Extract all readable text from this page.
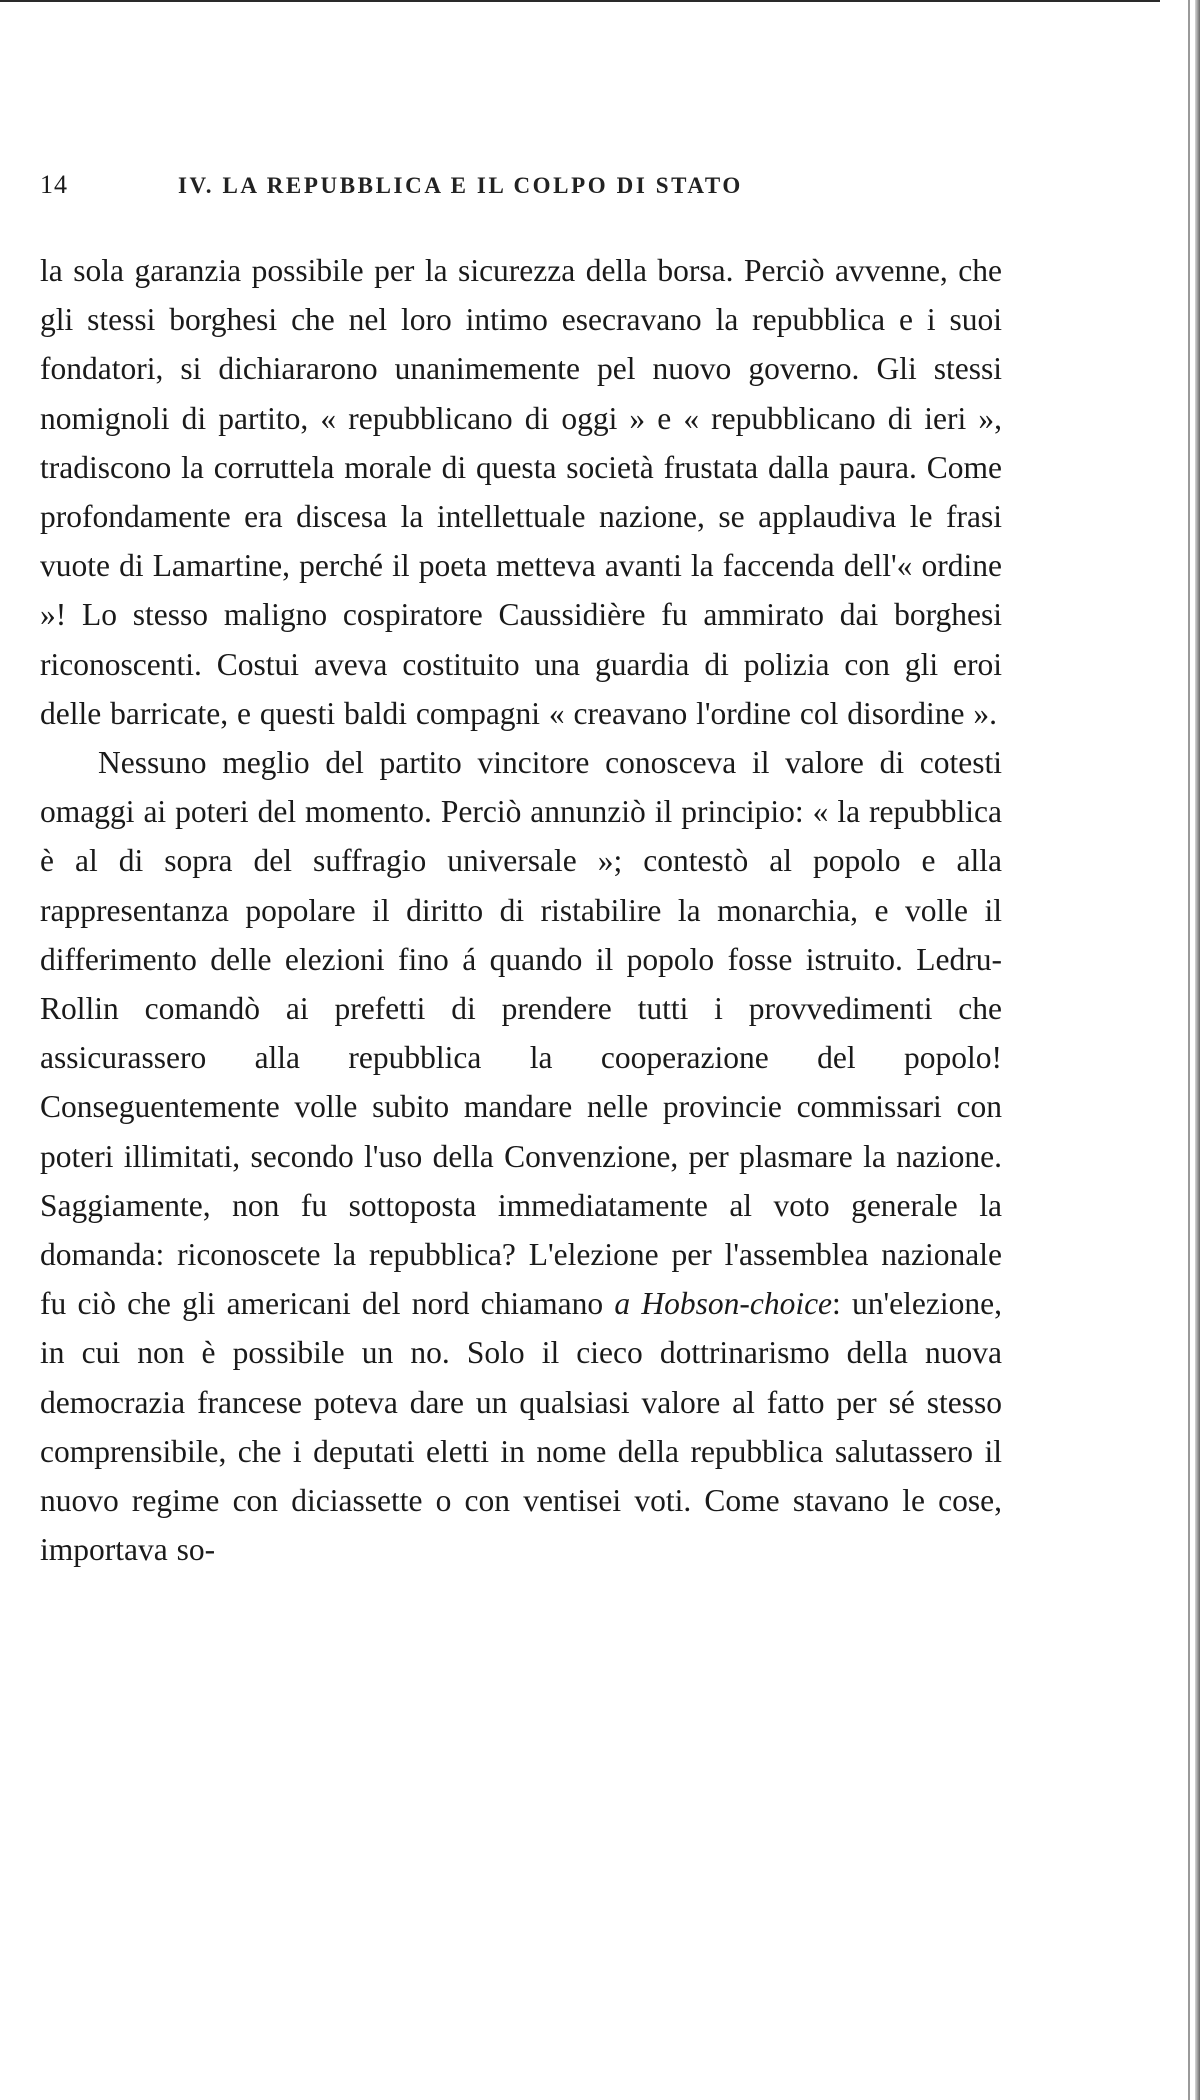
14	IV. LA REPUBBLICA E IL COLPO DI STATO

la sola garanzia possibile per la sicurezza della borsa. Perciò avvenne, che gli stessi borghesi che nel loro intimo esecravano la repubblica e i suoi fondatori, si dichiararono unanimemente pel nuovo governo. Gli stessi nomignoli di partito, « repubblicano di oggi » e « repubblicano di ieri », tradiscono la corruttela morale di questa società frustata dalla paura. Come profondamente era discesa la intellettuale nazione, se applaudiva le frasi vuote di Lamartine, perché il poeta metteva avanti la faccenda dell'« ordine »! Lo stesso maligno cospiratore Caussidière fu ammirato dai borghesi riconoscenti. Costui aveva costituito una guardia di polizia con gli eroi delle barricate, e questi baldi compagni « creavano l'ordine col disordine ».

Nessuno meglio del partito vincitore conosceva il valore di cotesti omaggi ai poteri del momento. Perciò annunziò il principio: « la repubblica è al di sopra del suffragio universale »; contestò al popolo e alla rappresentanza popolare il diritto di ristabilire la monarchia, e volle il differimento delle elezioni fino á quando il popolo fosse istruito. Ledru-Rollin comandò ai prefetti di prendere tutti i provvedimenti che assicurassero alla repubblica la cooperazione del popolo! Conseguentemente volle subito mandare nelle provincie commissari con poteri illimitati, secondo l'uso della Convenzione, per plasmare la nazione. Saggiamente, non fu sottoposta immediatamente al voto generale la domanda: riconoscete la repubblica? L'elezione per l'assemblea nazionale fu ciò che gli americani del nord chiamano a Hobson-choice: un'elezione, in cui non è possibile un no. Solo il cieco dottrinarismo della nuova democrazia francese poteva dare un qualsiasi valore al fatto per sé stesso comprensibile, che i deputati eletti in nome della repubblica salutassero il nuovo regime con diciassette o con ventisei voti. Come stavano le cose, importava so-
